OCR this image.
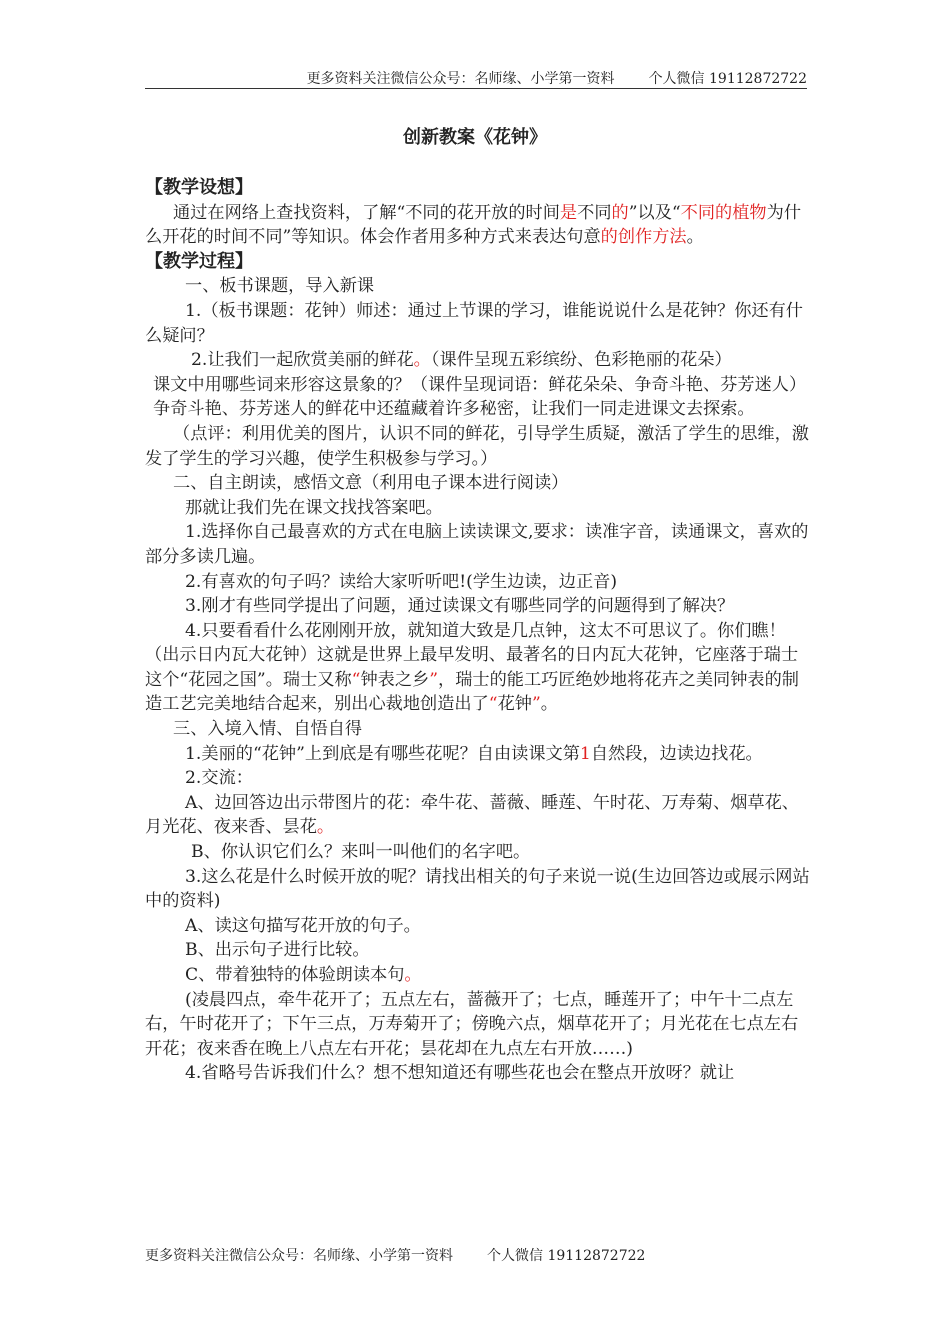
更多资料关注微信公众号：名师缘、小学第一资料 个人微信 19112872722
创新教案《花钟》

【教学设想】

通过在网络上查找资料，了解“不同的花开放的时间是不同的”以及“不同的植物为什么开花的时间不同”等知识。体会作者用多种方式来表达句意的创作方法。

【教学过程】

一、板书课题，导入新课

1.（板书课题：花钟）师述：通过上节课的学习，谁能说说什么是花钟？你还有什么疑问？

2.让我们一起欣赏美丽的鲜花。（课件呈现五彩缤纷、色彩艳丽的花朵）

课文中用哪些词来形容这景象的？（课件呈现词语：鲜花朵朵、争奇斗艳、芬芳迷人） 争奇斗艳、芬芳迷人的鲜花中还蕴藏着许多秘密，让我们一同走进课文去探索。

（点评：利用优美的图片，认识不同的鲜花，引导学生质疑，激活了学生的思维，激发了学生的学习兴趣，使学生积极参与学习。）

二、自主朗读，感悟文意（利用电子课本进行阅读）

那就让我们先在课文找找答案吧。

1.选择你自己最喜欢的方式在电脑上读读课文,要求：读准字音，读通课文，喜欢的部分多读几遍。

2.有喜欢的句子吗？读给大家听听吧!(学生边读，边正音)

3.刚才有些同学提出了问题，通过读课文有哪些同学的问题得到了解决？

4.只要看看什么花刚刚开放，就知道大致是几点钟，这太不可思议了。你们瞧！（出示日内瓦大花钟）这就是世界上最早发明、最著名的日内瓦大花钟，它座落于瑞士这个“花园之国”。瑞士又称“钟表之乡”，瑞士的能工巧匠绝妙地将花卉之美同钟表的制造工艺完美地结合起来，别出心裁地创造出了“花钟”。

三、入境入情、自悟自得

1.美丽的“花钟”上到底是有哪些花呢？自由读课文第1自然段，边读边找花。

2.交流：

A、边回答边出示带图片的花：牵牛花、蔷薇、睡莲、午时花、万寿菊、烟草花、月光花、夜来香、昙花。

B、你认识它们么？来叫一叫他们的名字吧。

3.这么花是什么时候开放的呢？请找出相关的句子来说一说(生边回答边或展示网站中的资料)

A、读这句描写花开放的句子。

B、出示句子进行比较。

C、带着独特的体验朗读本句。

(凌晨四点，牵牛花开了；五点左右，蔷薇开了；七点，睡莲开了；中午十二点左右，午时花开了；下午三点，万寿菊开了；傍晚六点，烟草花开了；月光花在七点左右开花；夜来香在晚上八点左右开花；昙花却在九点左右开放……)

4.省略号告诉我们什么？想不想知道还有哪些花也会在整点开放呀？就让

更多资料关注微信公众号：名师缘、小学第一资料 个人微信 19112872722
